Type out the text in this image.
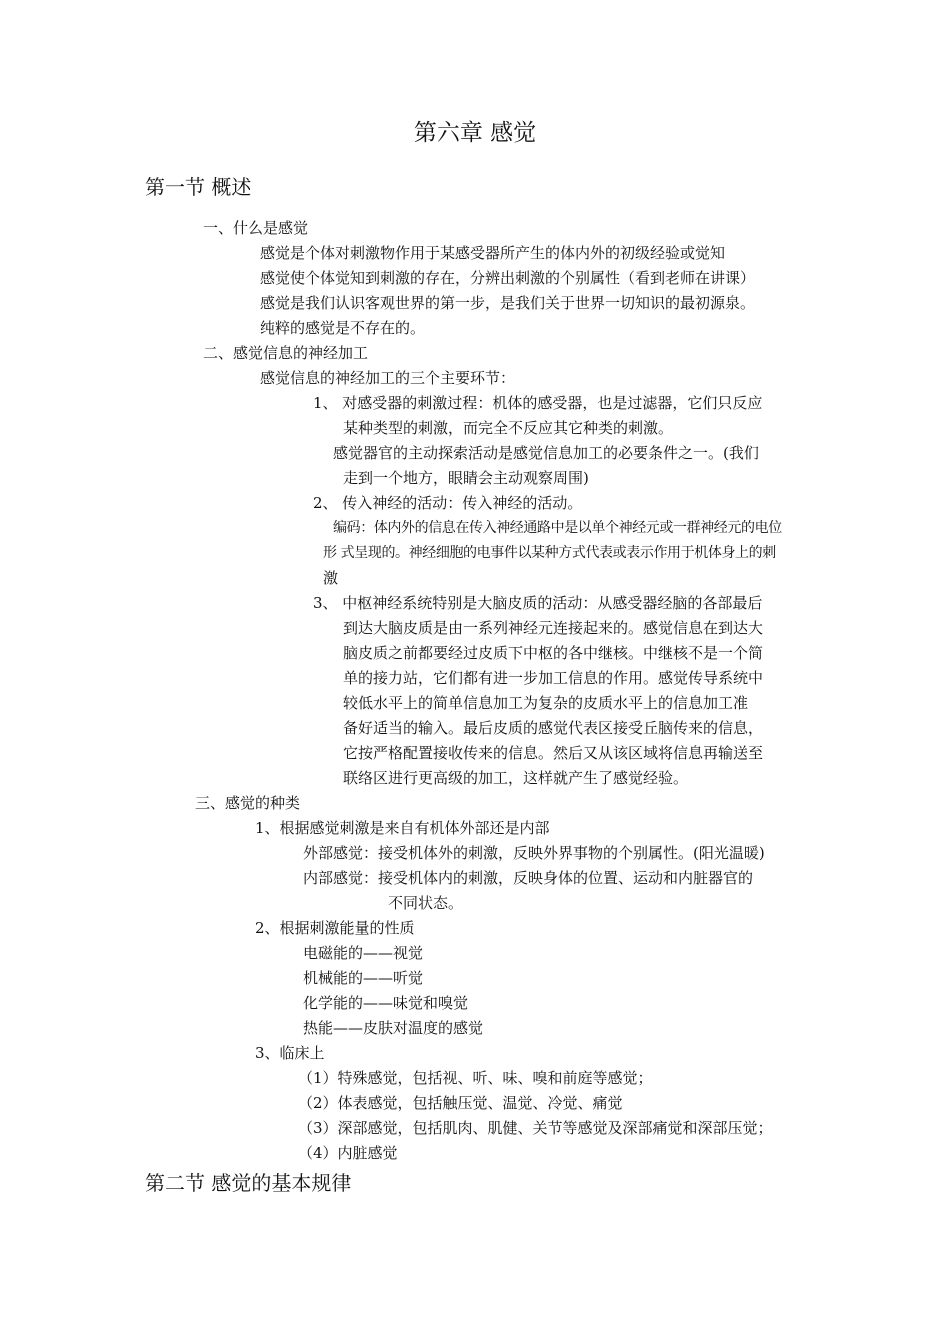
第六章 感觉
第一节 概述
一、什么是感觉
感觉是个体对刺激物作用于某感受器所产生的体内外的初级经验或觉知
感觉使个体觉知到刺激的存在，分辨出刺激的个别属性（看到老师在讲课）
感觉是我们认识客观世界的第一步，是我们关于世界一切知识的最初源泉。
纯粹的感觉是不存在的。
二、感觉信息的神经加工
感觉信息的神经加工的三个主要环节：
1、 对感受器的刺激过程：机体的感受器，也是过滤器，它们只反应
某种类型的刺激，而完全不反应其它种类的刺激。
感觉器官的主动探索活动是感觉信息加工的必要条件之一。(我们
走到一个地方，眼睛会主动观察周围)
2、 传入神经的活动：传入神经的活动。
编码：体内外的信息在传入神经通路中是以单个神经元或一群神经元的电位
形 式呈现的。神经细胞的电事件以某种方式代表或表示作用于机体身上的刺
激
3、 中枢神经系统特别是大脑皮质的活动：从感受器经脑的各部最后
到达大脑皮质是由一系列神经元连接起来的。感觉信息在到达大
脑皮质之前都要经过皮质下中枢的各中继核。中继核不是一个简
单的接力站，它们都有进一步加工信息的作用。感觉传导系统中
较低水平上的简单信息加工为复杂的皮质水平上的信息加工准
备好适当的输入。最后皮质的感觉代表区接受丘脑传来的信息，
它按严格配置接收传来的信息。然后又从该区域将信息再输送至
联络区进行更高级的加工，这样就产生了感觉经验。
三、感觉的种类
1、根据感觉刺激是来自有机体外部还是内部
外部感觉：接受机体外的刺激，反映外界事物的个别属性。(阳光温暖)
内部感觉：接受机体内的刺激，反映身体的位置、运动和内脏器官的
不同状态。
2、根据刺激能量的性质
电磁能的——视觉
机械能的——听觉
化学能的——味觉和嗅觉
热能——皮肤对温度的感觉
3、临床上
（1）特殊感觉，包括视、听、味、嗅和前庭等感觉；
（2）体表感觉，包括触压觉、温觉、冷觉、痛觉
（3）深部感觉，包括肌肉、肌健、关节等感觉及深部痛觉和深部压觉；
（4）内脏感觉
第二节 感觉的基本规律
